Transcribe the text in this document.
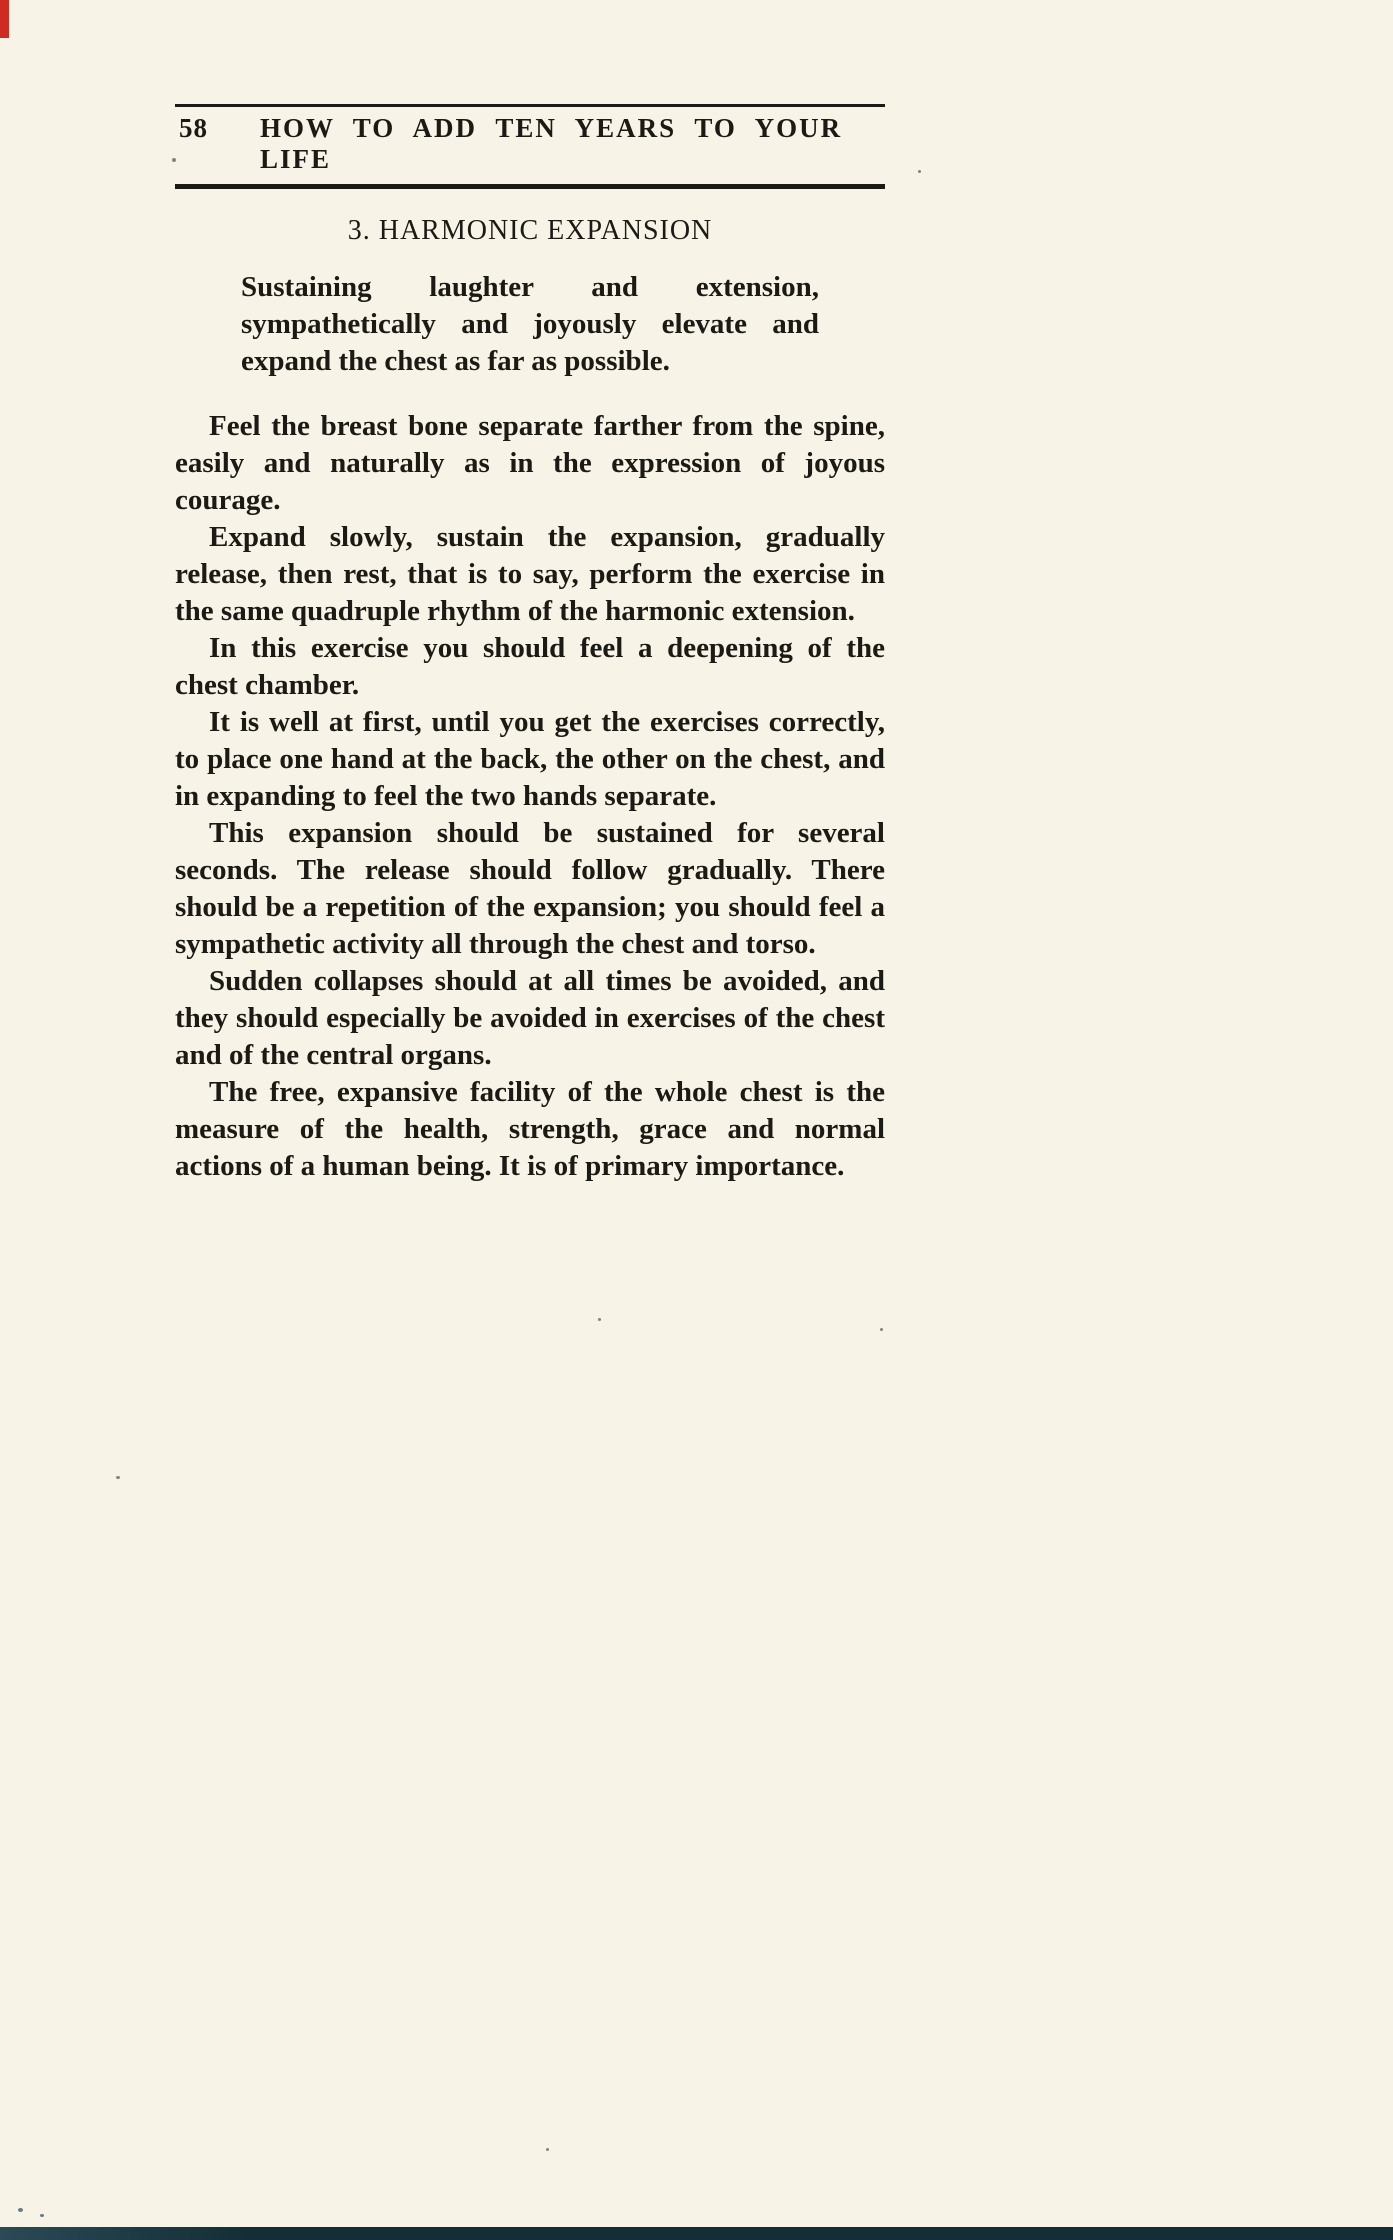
58 HOW TO ADD TEN YEARS TO YOUR LIFE
3. HARMONIC EXPANSION
Sustaining laughter and extension, sympathetically and joyously elevate and expand the chest as far as possible.

Feel the breast bone separate farther from the spine, easily and naturally as in the expression of joyous courage.

Expand slowly, sustain the expansion, gradually release, then rest, that is to say, perform the exercise in the same quadruple rhythm of the harmonic extension.

In this exercise you should feel a deepening of the chest chamber.

It is well at first, until you get the exercises correctly, to place one hand at the back, the other on the chest, and in expanding to feel the two hands separate.

This expansion should be sustained for several seconds. The release should follow gradually. There should be a repetition of the expansion; you should feel a sympathetic activity all through the chest and torso.

Sudden collapses should at all times be avoided, and they should especially be avoided in exercises of the chest and of the central organs.

The free, expansive facility of the whole chest is the measure of the health, strength, grace and normal actions of a human being. It is of primary importance.
